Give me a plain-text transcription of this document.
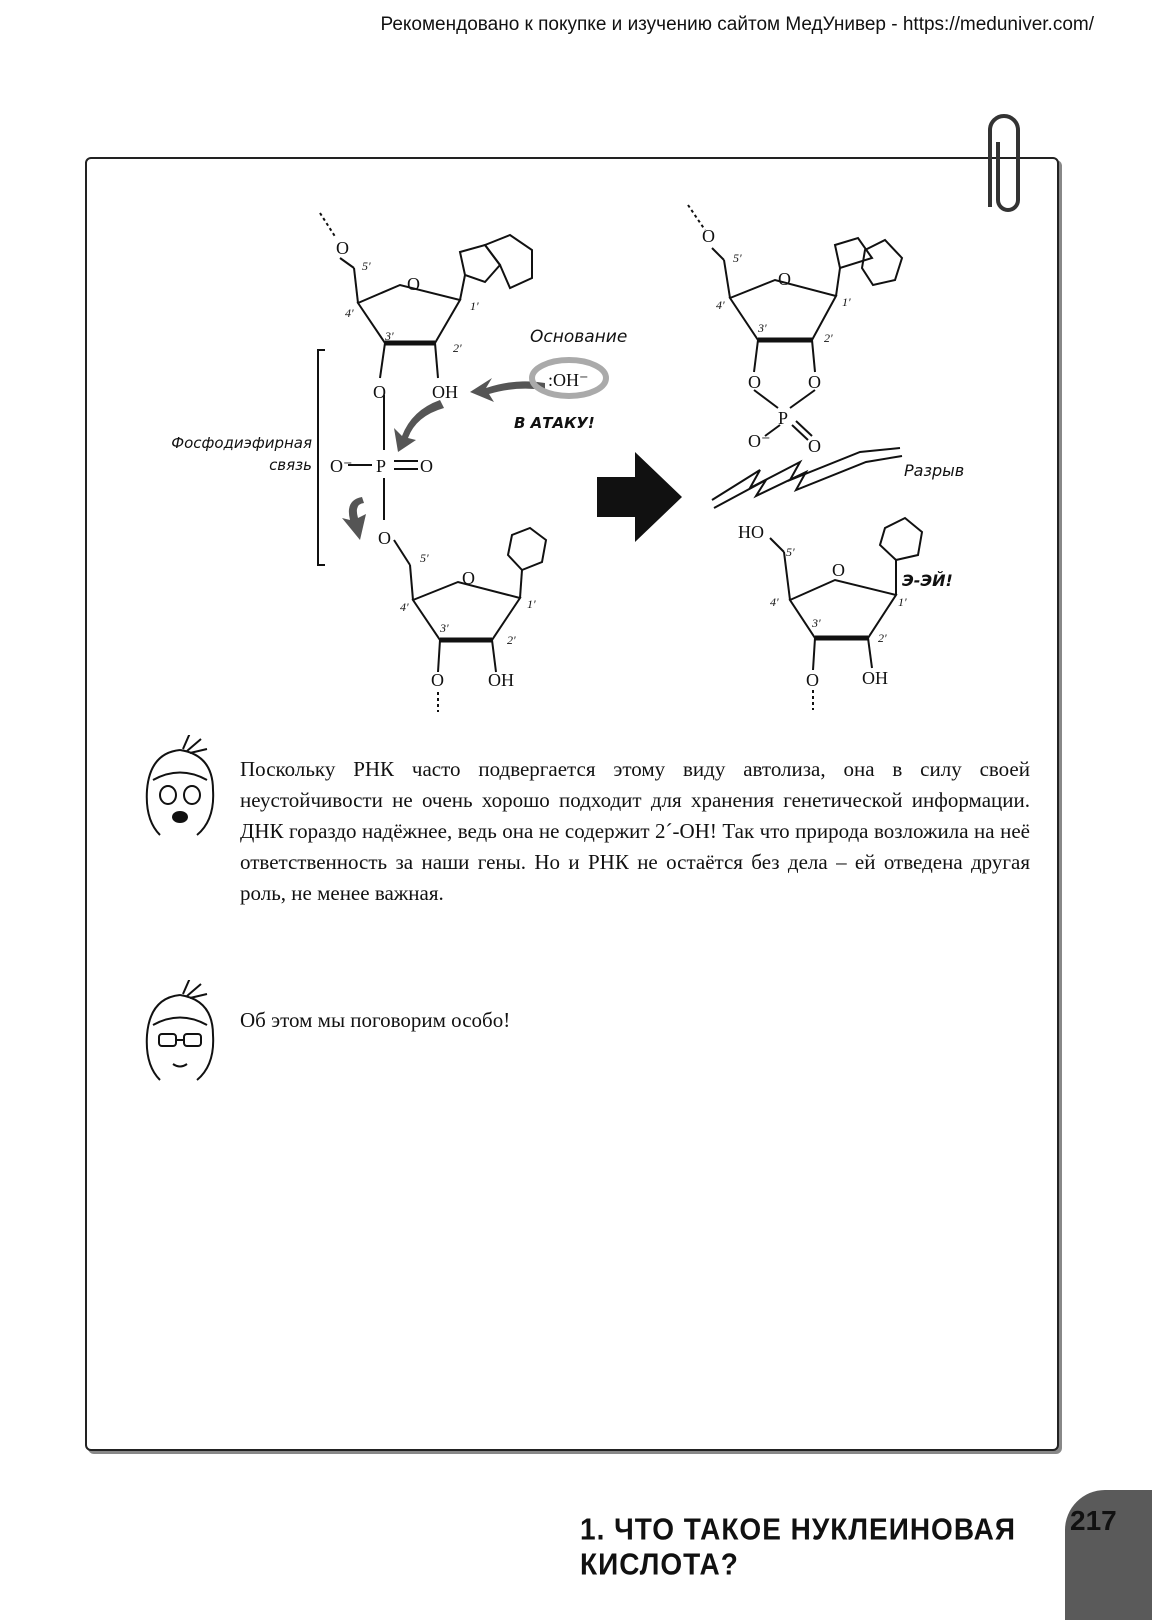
Рекомендовано к покупке и изучению сайтом МедУнивер - https://meduniver.com/
O
O
O	OH
O⁻ P O
O
O
O OH
:OH⁻
O
O
O	O
P
O⁻ O
HO
O
O OH
5'
4'
3'
2'
1'
5'
4'
3'
2'
1'
5'
4'
3'
2'
1'
5'
4'
3'
2'
1'
Основание
В АТАКУ!
Фосфодиэфирная
связь	Разрыв
Э-ЭЙ!
Поскольку РНК часто подвергается этому виду автолиза, она в силу своей неустойчивости не очень хорошо подходит для хранения генетической информации. ДНК гораздо надёжнее, ведь она не содержит 2´-OH! Так что природа возложила на неё ответственность за наши гены. Но и РНК не остаётся без дела – ей отведена другая роль, не менее важная.
Об этом мы поговорим особо!
1. ЧТО ТАКОЕ НУКЛЕИНОВАЯ КИСЛОТА?
217
